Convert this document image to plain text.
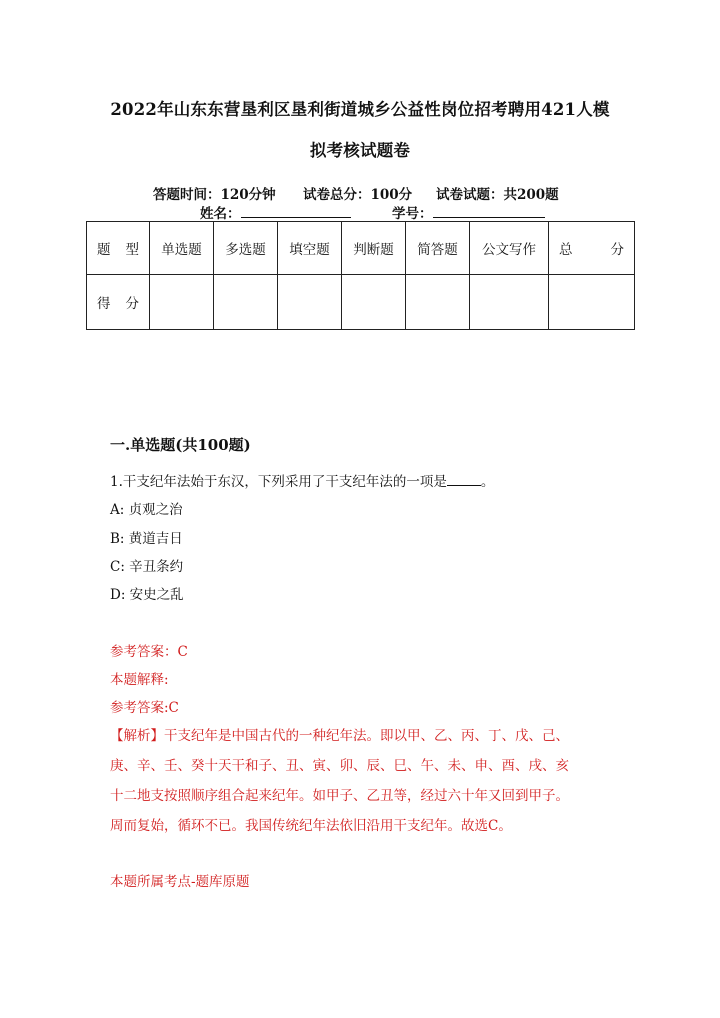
2022年山东东营垦利区垦利街道城乡公益性岗位招考聘用421人模
拟考核试题卷
答题时间：120分钟 试卷总分：100分 试卷试题：共200题
姓名：	学号：
题 型	单选题	多选题	填空题	判断题	简答题	公文写作	总 分

得 分							

一.单选题(共100题)
1.干支纪年法始于东汉，下列采用了干支纪年法的一项是	。
A: 贞观之治
B: 黄道吉日
C: 辛丑条约
D: 安史之乱
参考答案：C
本题解释:
参考答案:C
【解析】干支纪年是中国古代的一种纪年法。即以甲、乙、丙、丁、戊、己、
庚、辛、壬、癸十天干和子、丑、寅、卯、辰、巳、午、未、申、酉、戌、亥
十二地支按照顺序组合起来纪年。如甲子、乙丑等，经过六十年又回到甲子。
周而复始，循环不已。我国传统纪年法依旧沿用干支纪年。故选C。
本题所属考点-题库原题
